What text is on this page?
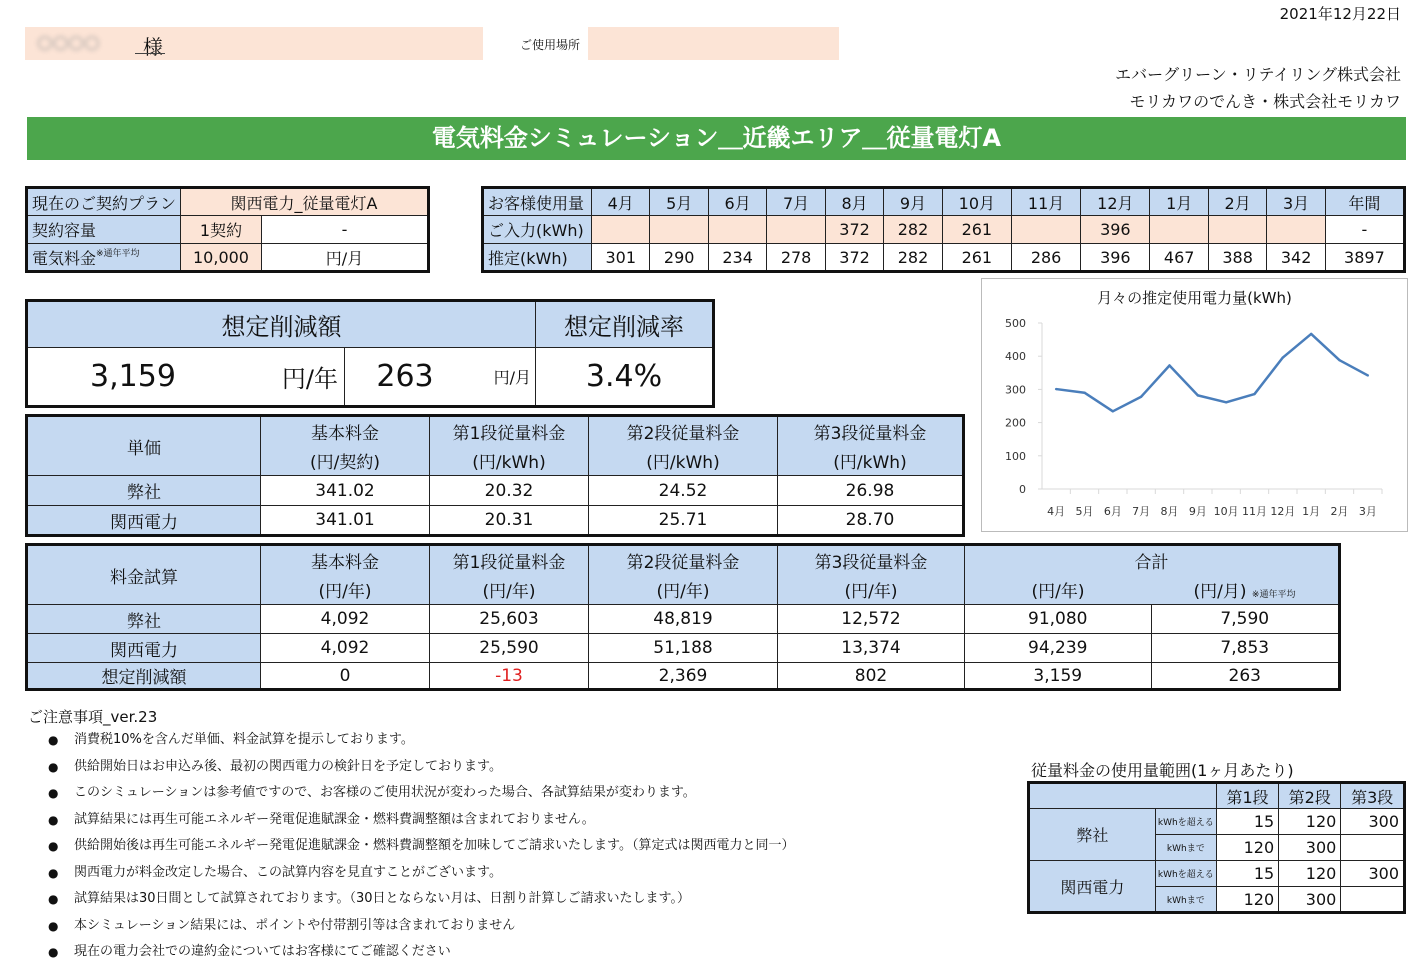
2021年12月22日
○○○○ 様	ご使用場所
エバーグリーン・リテイリング株式会社
モリカワのでんき・株式会社モリカワ
電気料金シミュレーション＿近畿エリア＿従量電灯A
現在のご契約プラン	関西電力_従量電灯A	
契約容量	1契約	-
電気料金$^{※通年平均}$	10,000	円/月
お客様使用量	4月	5月	6月	7月	8月	9月	10月	11月	12月	1月	2月	3月	年間
ご入力(kWh)					372	282	261		396				-
推定(kWh)	301	290	234	278	372	282	261	286	396	467	388	342	3897
想定削減額				想定削減率
3,159	円/年	263	円/月	3.4%
単価	基本料金	第1段従量料金	第2段従量料金	第3段従量料金
	(円/契約)	(円/kWh)	(円/kWh)	(円/kWh)
弊社	341.02	20.32	24.52	26.98
関西電力	341.01	20.31	25.71	28.70
料金試算	基本料金	第1段従量料金	第2段従量料金	第3段従量料金	合計	
	(円/年)	(円/年)	(円/年)	(円/年)	(円/年)	(円/月) ※通年平均
弊社	4,092	25,603	48,819	12,572	91,080	7,590
関西電力	4,092	25,590	51,188	13,374	94,239	7,853
想定削減額	0	-13	2,369	802	3,159	263
月々の推定使用電力量(kWh)
0
100
200
300
400
500
4月 5月 6月 7月 8月 9月 10月 11月 12月 1月 2月 3月
ご注意事項_ver.23
● 消費税10%を含んだ単価、料金試算を提示しております。
● 供給開始日はお申込み後、最初の関西電力の検針日を予定しております。
● このシミュレーションは参考値ですので、お客様のご使用状況が変わった場合、各試算結果が変わります。
● 試算結果には再生可能エネルギー発電促進賦課金・燃料費調整額は含まれておりません。
● 供給開始後は再生可能エネルギー発電促進賦課金・燃料費調整額を加味してご請求いたします。（算定式は関西電力と同一）
● 関西電力が料金改定した場合、この試算内容を見直すことがございます。
● 試算結果は30日間として試算されております。（30日とならない月は、日割り計算しご請求いたします。）
● 本シミュレーション結果には、ポイントや付帯割引等は含まれておりません
● 現在の電力会社での違約金についてはお客様にてご確認ください
従量料金の使用量範囲(1ヶ月あたり)
		第1段	第2段	第3段
弊社	kWhを超える	15	120	300
	kWhまで	120	300	
関西電力	kWhを超える	15	120	300
	kWhまで	120	300	
